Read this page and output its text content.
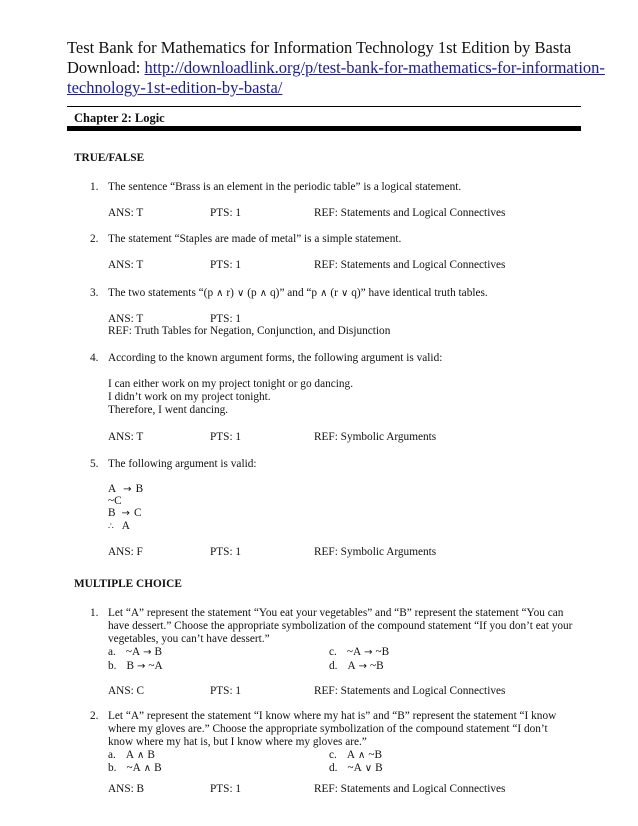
Test Bank for Mathematics for Information Technology 1st Edition by Basta
Download: http://downloadlink.org/p/test-bank-for-mathematics-for-information-
technology-1st-edition-by-basta/
Chapter 2: Logic
TRUE/FALSE
1. The sentence “Brass is an element in the periodic table” is a logical statement.
ANS: T	PTS: 1	REF: Statements and Logical Connectives
2. The statement “Staples are made of metal” is a simple statement.
ANS: T	PTS: 1	REF: Statements and Logical Connectives
3. The two statements “(p ∧ r) ∨ (p ∧ q)” and “p ∧ (r ∨ q)” have identical truth tables.
ANS: T	PTS: 1
REF: Truth Tables for Negation, Conjunction, and Disjunction
4. According to the known argument forms, the following argument is valid:
I can either work on my project tonight or go dancing.
I didn’t work on my project tonight.
Therefore, I went dancing.
ANS: T	PTS: 1	REF: Symbolic Arguments
5. The following argument is valid:
A → B
~C
B → C
∴ A
ANS: F	PTS: 1	REF: Symbolic Arguments
MULTIPLE CHOICE
1. Let “A” represent the statement “You eat your vegetables” and “B” represent the statement “You can
have dessert.” Choose the appropriate symbolization of the compound statement “If you don’t eat your
vegetables, you can’t have dessert.”
a. ~A → B	c. ~A → ~B
b. B → ~A	d. A → ~B
ANS: C	PTS: 1	REF: Statements and Logical Connectives
2. Let “A” represent the statement “I know where my hat is” and “B” represent the statement “I know
where my gloves are.” Choose the appropriate symbolization of the compound statement “I don’t
know where my hat is, but I know where my gloves are.”
a. A ∧ B	c. A ∧ ~B
b. ~A ∧ B	d. ~A ∨ B
ANS: B	PTS: 1	REF: Statements and Logical Connectives
